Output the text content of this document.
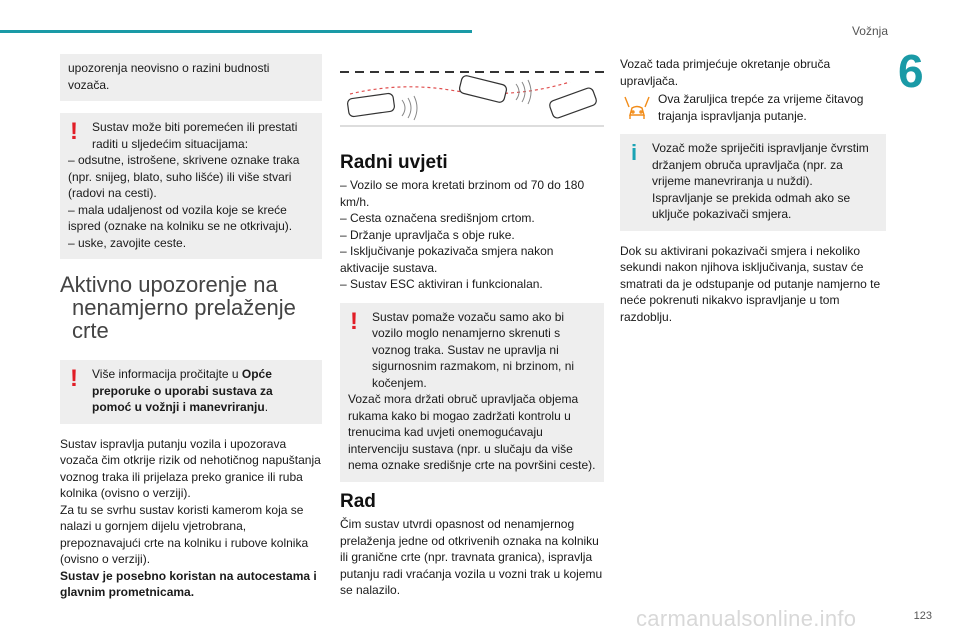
Vožnja
6

upozorenja neovisno o razini budnosti vozača.

!	Sustav može biti poremećen ili prestati raditi u sljedećim situacijama:

– odsutne, istrošene, skrivene oznake traka (npr. snijeg, blato, suho lišće) ili više stvari (radovi na cesti).

– mala udaljenost od vozila koje se kreće ispred (oznake na kolniku se ne otkrivaju).

– uske, zavojite ceste.

Aktivno upozorenje na
nenamjerno prelaženje
crte
!	Više informacija pročitajte u Opće preporuke o uporabi sustava za pomoć u vožnji i manevriranju.

Sustav ispravlja putanju vozila i upozorava vozača čim otkrije rizik od nehotičnog napuštanja voznog traka ili prijelaza preko granice ili ruba kolnika (ovisno o verziji).

Za tu se svrhu sustav koristi kamerom koja se nalazi u gornjem dijelu vjetrobrana, prepoznavajući crte na kolniku i rubove kolnika (ovisno o verziji).

Sustav je posebno koristan na autocestama i glavnim prometnicama.

Radni uvjeti

– Vozilo se mora kretati brzinom od 70 do 180 km/h.

– Cesta označena središnjom crtom.

– Držanje upravljača s obje ruke.

– Isključivanje pokazivača smjera nakon aktivacije sustava.

– Sustav ESC aktiviran i funkcionalan.

!	Sustav pomaže vozaču samo ako bi vozilo moglo nenamjerno skrenuti s voznog traka. Sustav ne upravlja ni sigurnosnim razmakom, ni brzinom, ni kočenjem.

Vozač mora držati obruč upravljača objema rukama kako bi mogao zadržati kontrolu u trenucima kad uvjeti onemogućavaju intervenciju sustava (npr. u slučaju da više nema oznake središnje crte na površini ceste).

Rad

Čim sustav utvrdi opasnost od nenamjernog prelaženja jedne od otkrivenih oznaka na kolniku ili granične crte (npr. travnata granica), ispravlja putanju radi vraćanja vozila u vozni trak u kojemu se nalazilo.

Vozač tada primjećuje okretanje obruča upravljača.

Ova žaruljica trepće za vrijeme čitavog trajanja ispravljanja putanje.

i	Vozač može spriječiti ispravljanje čvrstim držanjem obruča upravljača (npr. za vrijeme manevriranja u nuždi).

Ispravljanje se prekida odmah ako se uključe pokazivači smjera.

Dok su aktivirani pokazivači smjera i nekoliko sekundi nakon njihova isključivanja, sustav će smatrati da je odstupanje od putanje namjerno te neće pokrenuti nikakvo ispravljanje u tom razdoblju.

carmanualsonline.info	123
